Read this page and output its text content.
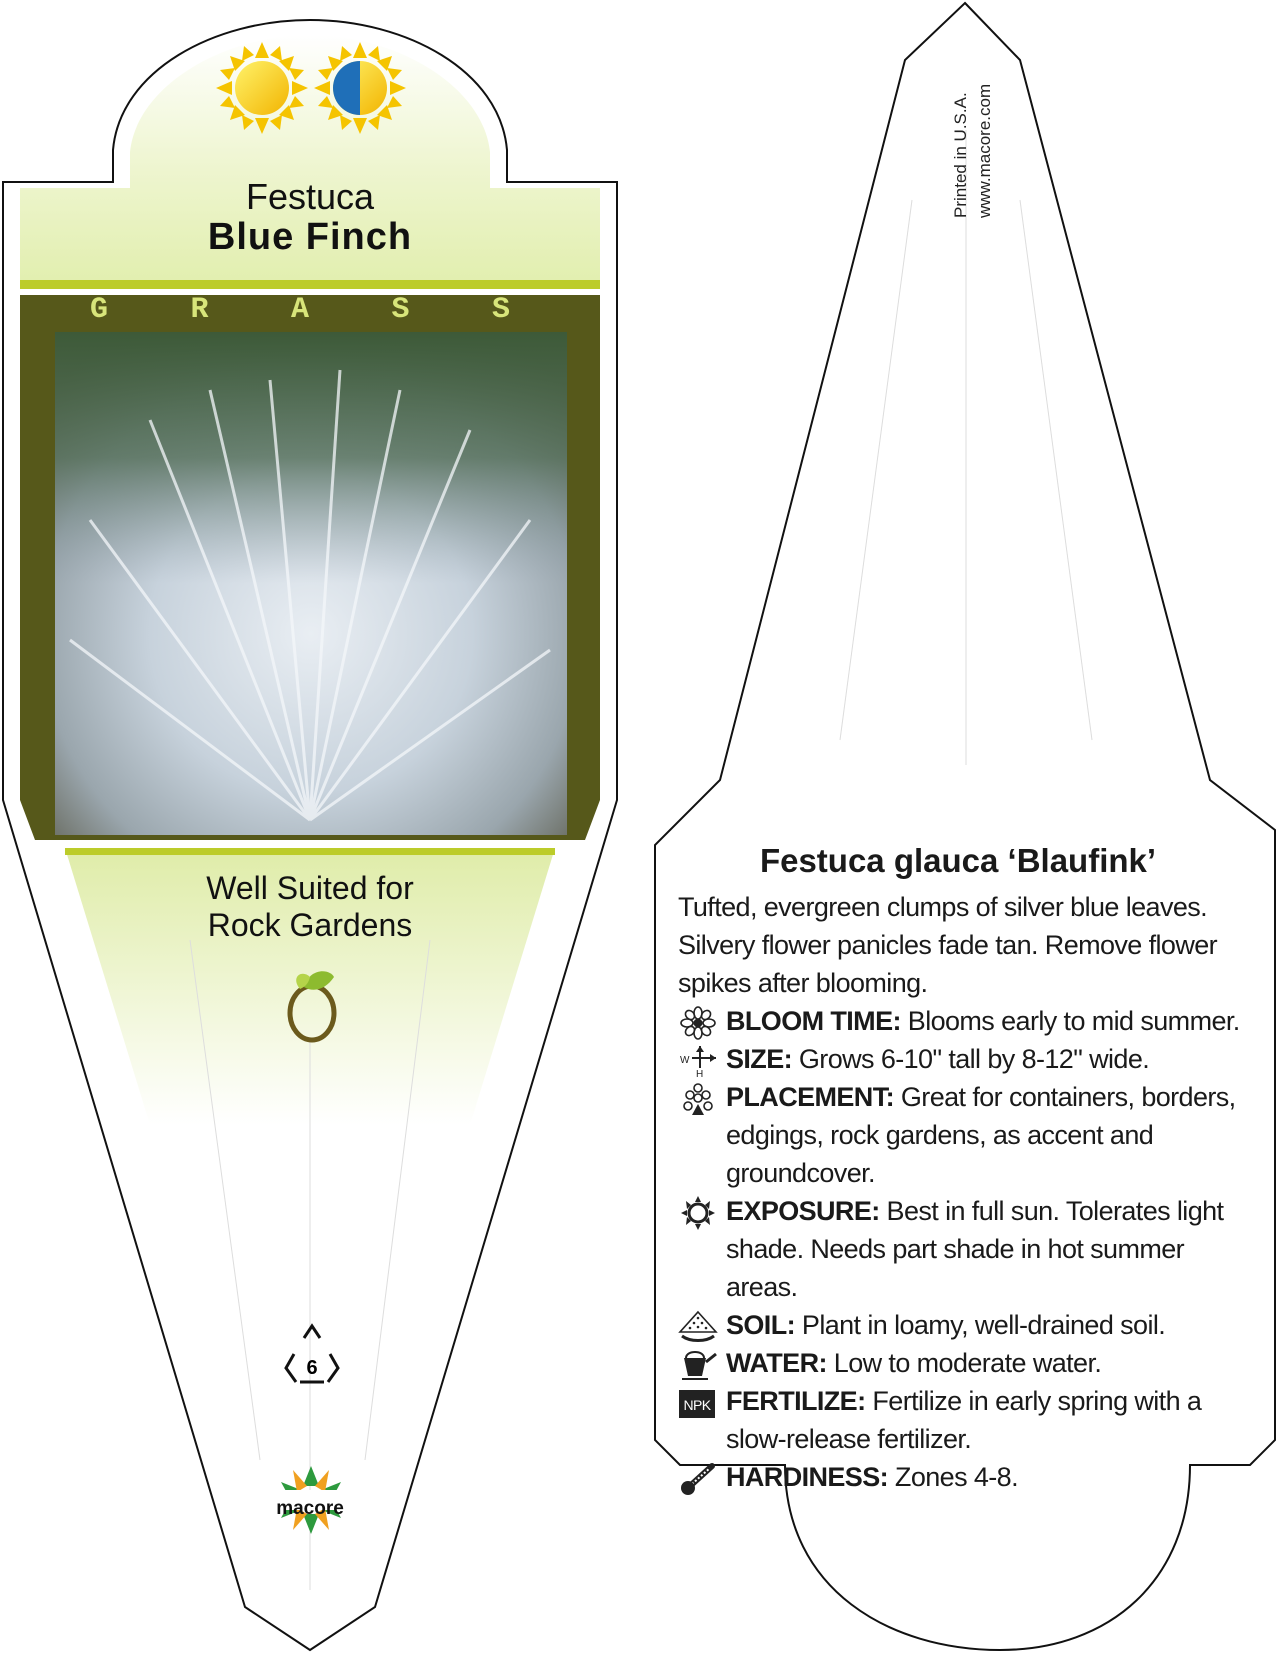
Festuca
Blue Finch
G	R	A	S	S
Well Suited for
Rock Gardens
6
macore
Printed in U.S.A. www.macore.com
Festuca glauca ‘Blaufink’

Tufted, evergreen clumps of silver blue leaves. Silvery flower panicles fade tan. Remove flower spikes after blooming.

BLOOM TIME: Blooms early to mid summer.

W
H
SIZE: Grows 6-10" tall by 8-12" wide.

PLACEMENT: Great for containers, borders, edgings, rock gardens, as accent and groundcover.

EXPOSURE: Best in full sun. Tolerates light shade. Needs part shade in hot summer areas.

SOIL: Plant in loamy, well-drained soil.

WATER: Low to moderate water.

NPK FERTILIZE: Fertilize in early spring with a slow-release fertilizer.

HARDINESS: Zones 4-8.
